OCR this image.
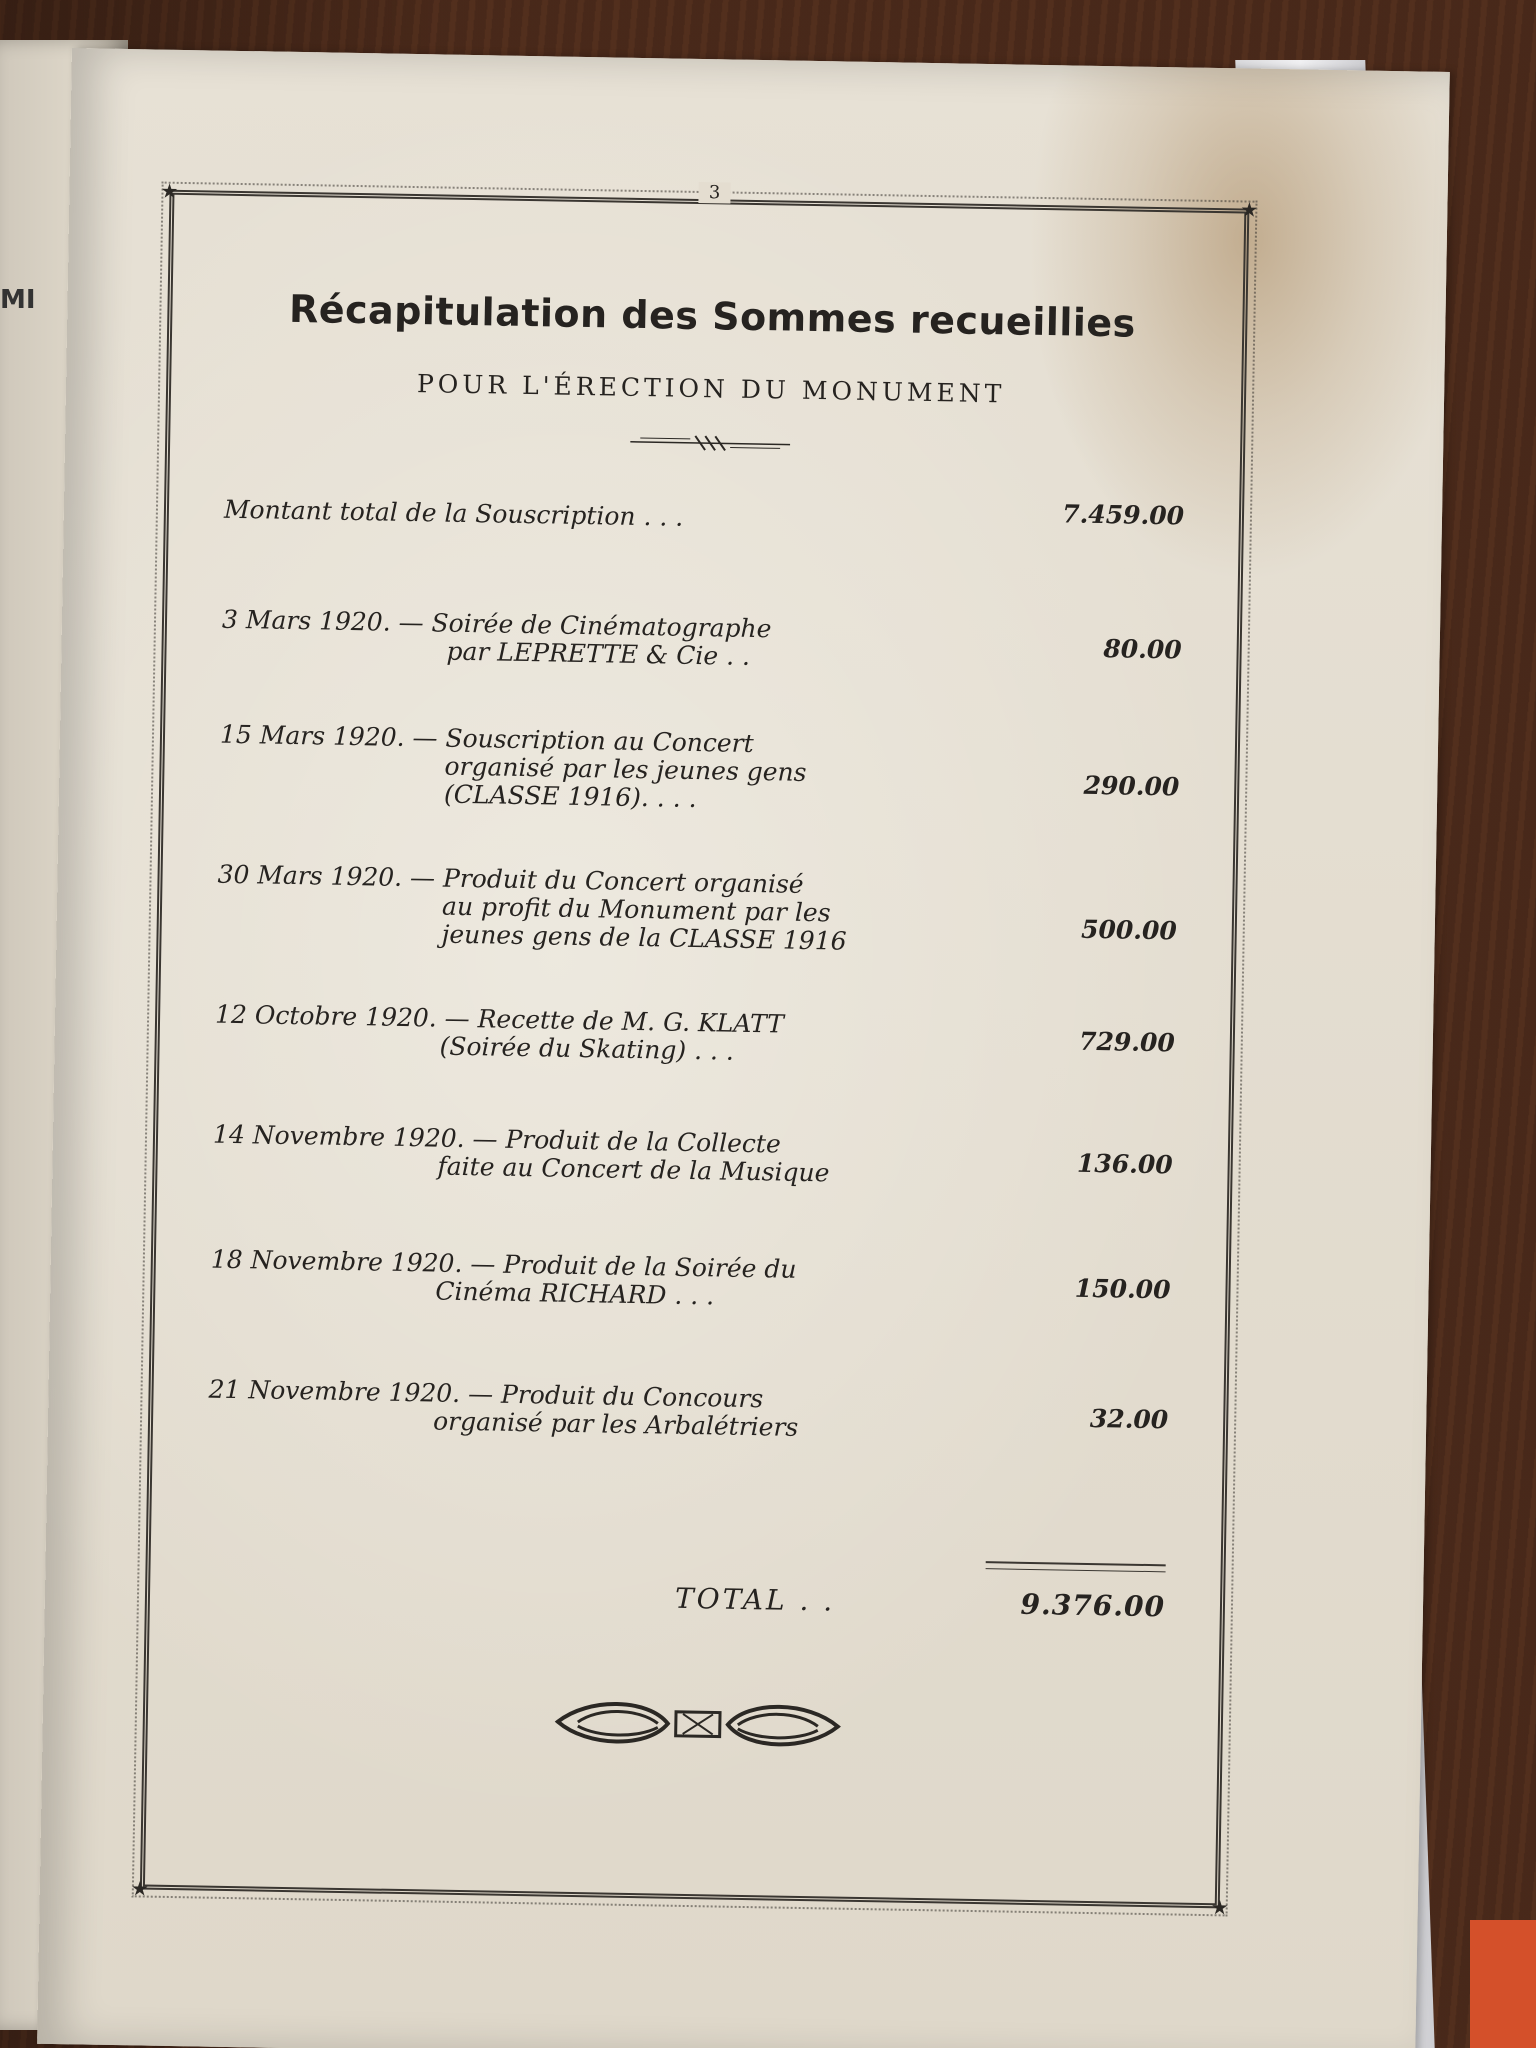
MI
★
★
★
★
3
Récapitulation des Sommes recueillies
POUR L'ÉRECTION DU MONUMENT
Montant total de la Souscription . . .	7.459.00
3 Mars 1920. — Soirée de Cinématographe
par LEPRETTE & Cie . .	80.00
15 Mars 1920. — Souscription au Concert
organisé par les jeunes gens
(CLASSE 1916). . . .	290.00
30 Mars 1920. — Produit du Concert organisé
au profit du Monument par les
jeunes gens de la CLASSE 1916	500.00
12 Octobre 1920. — Recette de M. G. KLATT
(Soirée du Skating) . . .	729.00
14 Novembre 1920. — Produit de la Collecte
faite au Concert de la Musique	136.00
18 Novembre 1920. — Produit de la Soirée du
Cinéma RICHARD . . .	150.00
21 Novembre 1920. — Produit du Concours
organisé par les Arbalétriers	32.00
TOTAL . .	9.376.00
